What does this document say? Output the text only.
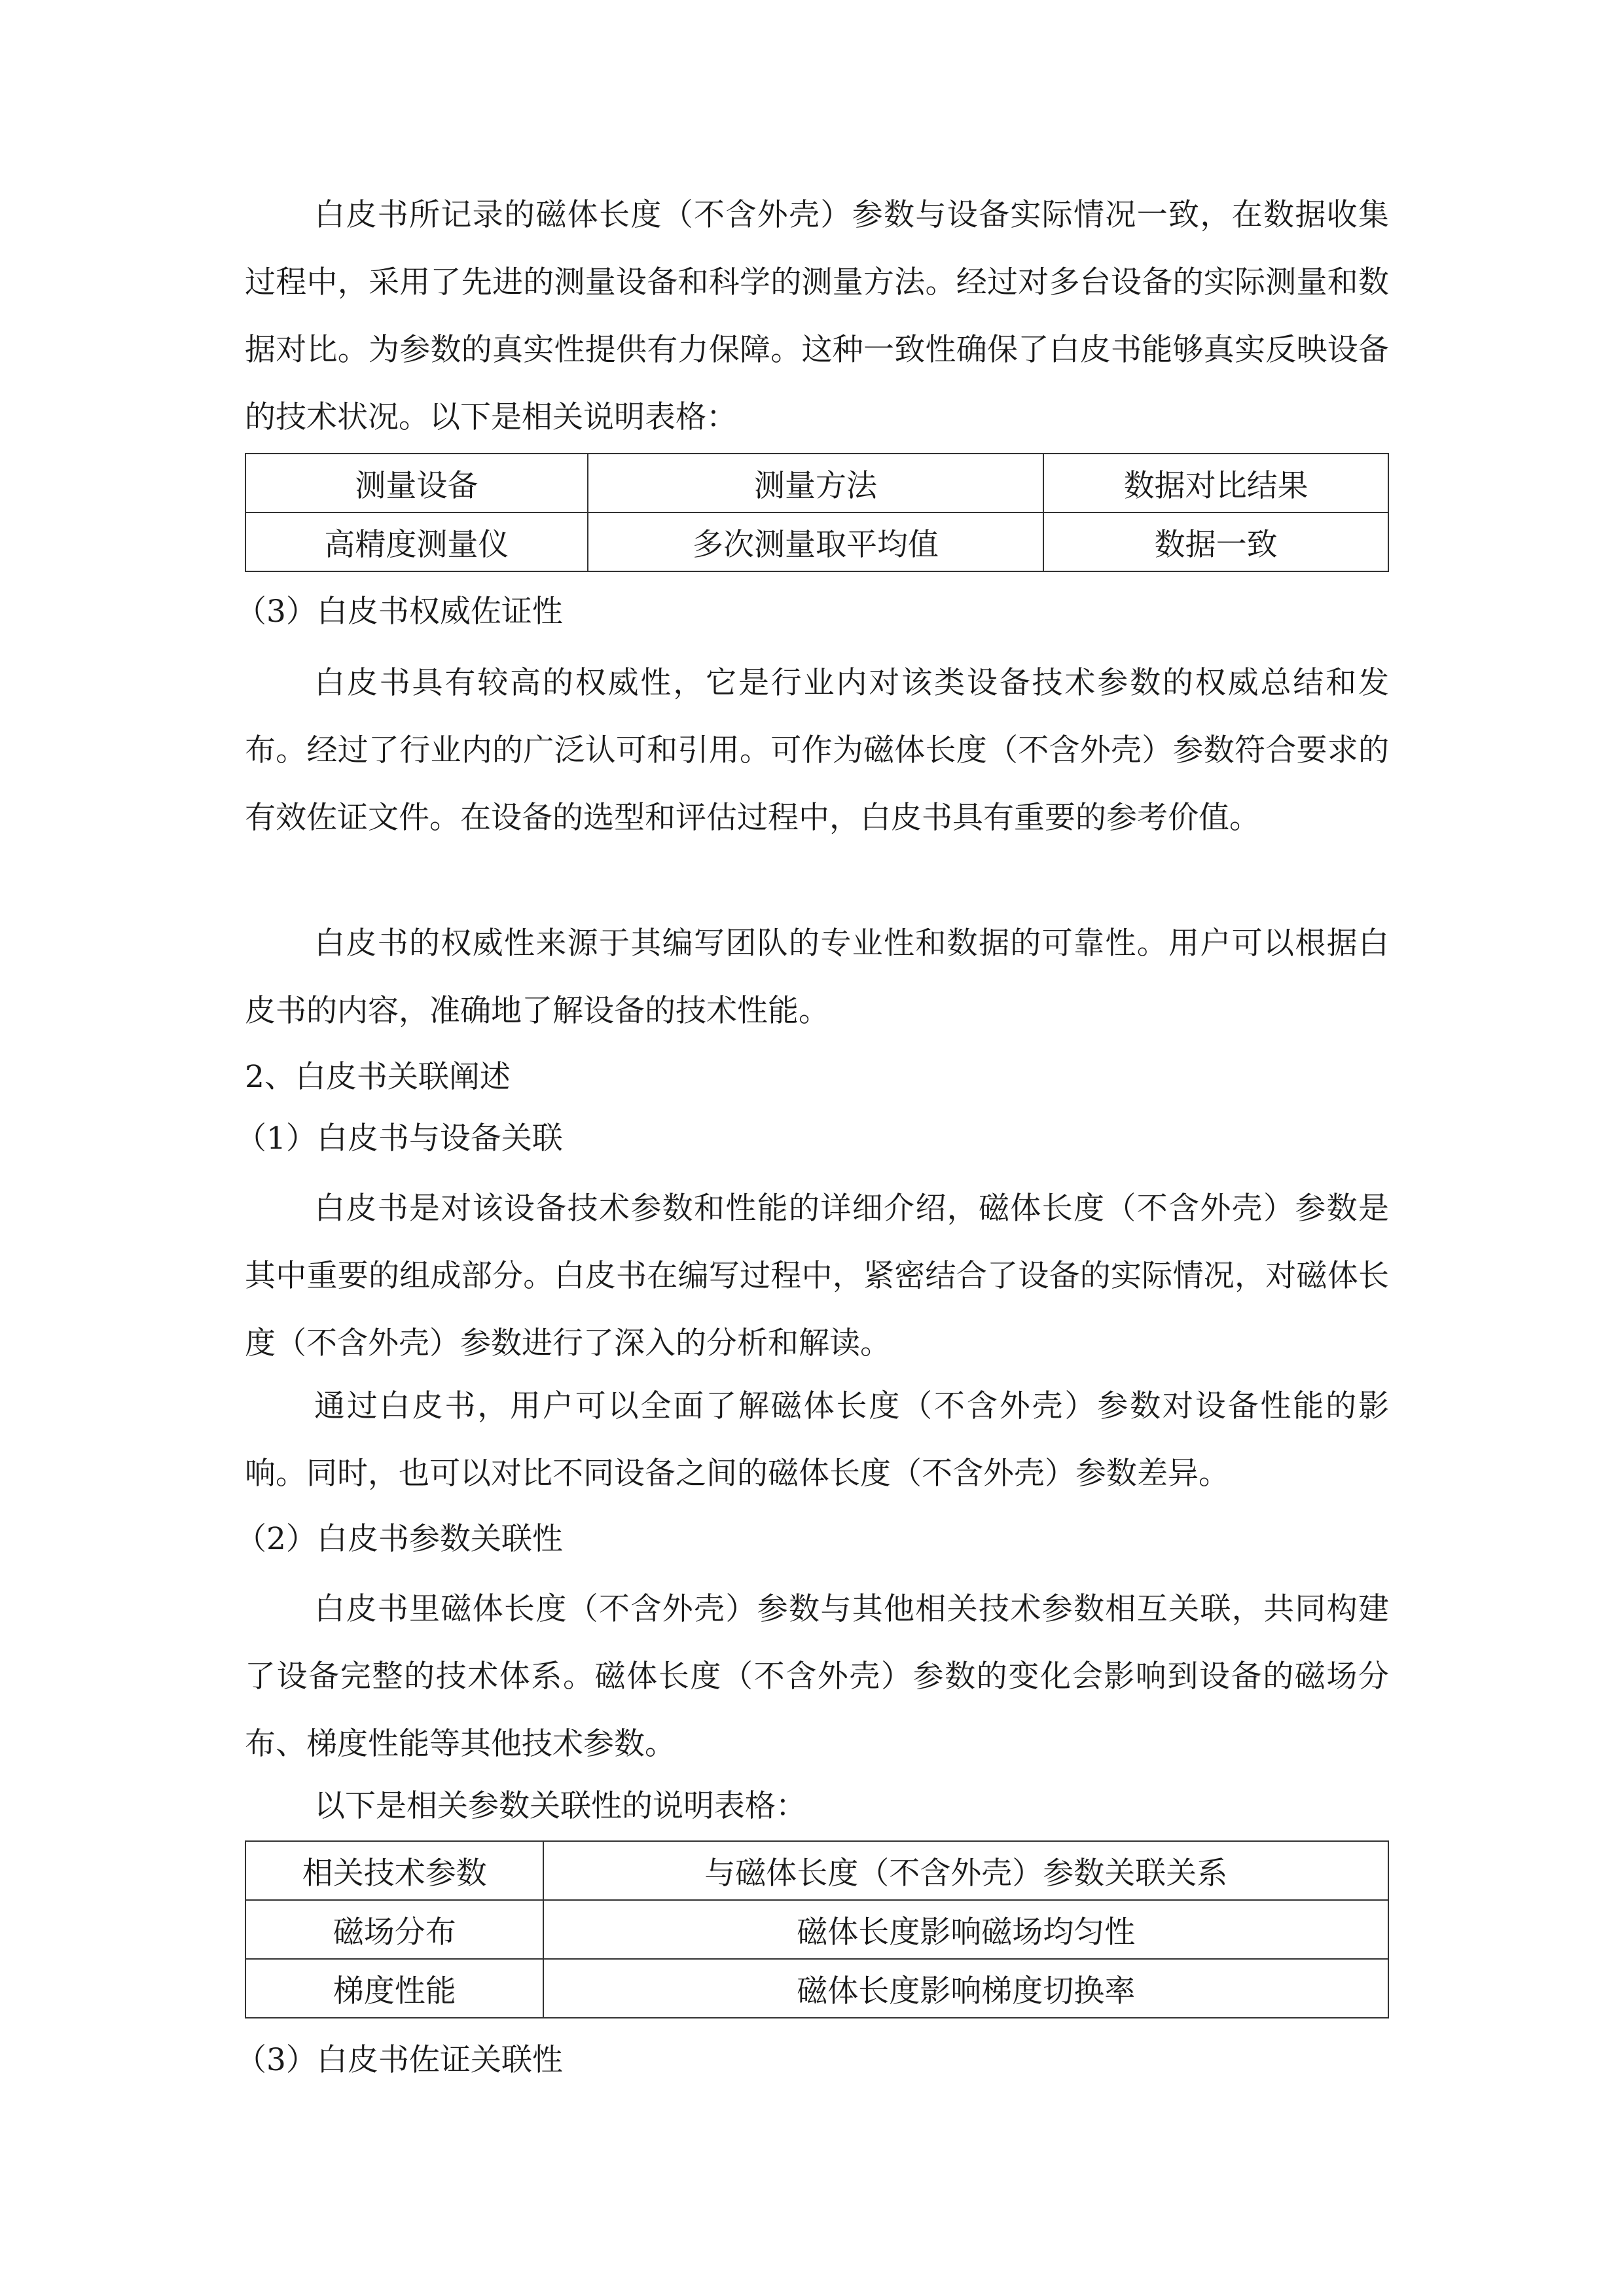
白皮书所记录的磁体长度（不含外壳）参数与设备实际情况一致，在数据收集过程中，采用了先进的测量设备和科学的测量方法。经过对多台设备的实际测量和数据对比。为参数的真实性提供有力保障。这种一致性确保了白皮书能够真实反映设备的技术状况。以下是相关说明表格：

测量设备	测量方法	数据对比结果
高精度测量仪	多次测量取平均值	数据一致

（3）白皮书权威佐证性

白皮书具有较高的权威性，它是行业内对该类设备技术参数的权威总结和发布。经过了行业内的广泛认可和引用。可作为磁体长度（不含外壳）参数符合要求的有效佐证文件。在设备的选型和评估过程中，白皮书具有重要的参考价值。

白皮书的权威性来源于其编写团队的专业性和数据的可靠性。用户可以根据白皮书的内容，准确地了解设备的技术性能。

2、白皮书关联阐述

（1）白皮书与设备关联

白皮书是对该设备技术参数和性能的详细介绍，磁体长度（不含外壳）参数是其中重要的组成部分。白皮书在编写过程中，紧密结合了设备的实际情况，对磁体长度（不含外壳）参数进行了深入的分析和解读。

通过白皮书，用户可以全面了解磁体长度（不含外壳）参数对设备性能的影响。同时，也可以对比不同设备之间的磁体长度（不含外壳）参数差异。

（2）白皮书参数关联性

白皮书里磁体长度（不含外壳）参数与其他相关技术参数相互关联，共同构建了设备完整的技术体系。磁体长度（不含外壳）参数的变化会影响到设备的磁场分布、梯度性能等其他技术参数。

以下是相关参数关联性的说明表格：

相关技术参数	与磁体长度（不含外壳）参数关联关系
磁场分布	磁体长度影响磁场均匀性
梯度性能	磁体长度影响梯度切换率

（3）白皮书佐证关联性
